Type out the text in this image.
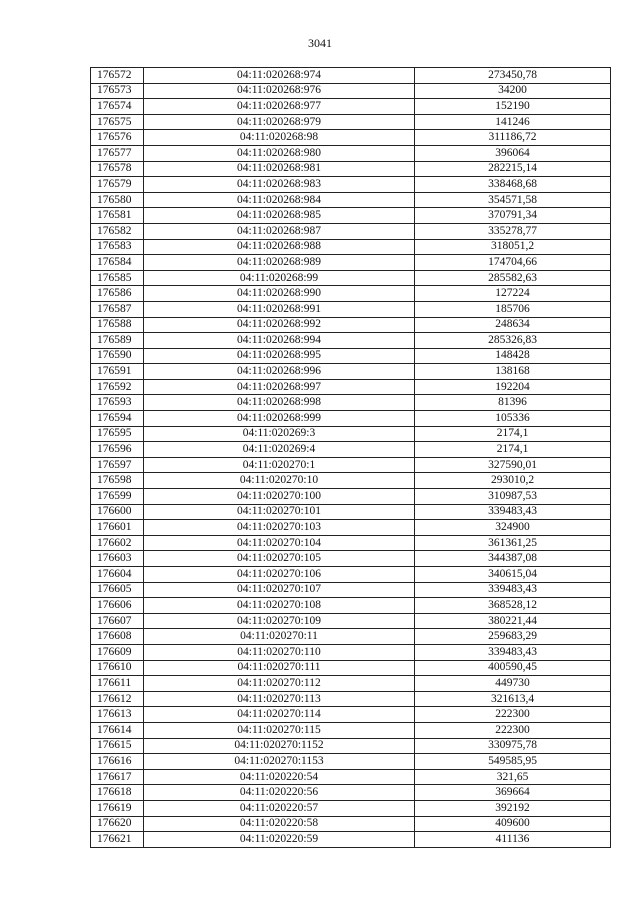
3041
176572	04:11:020268:974	273450,78
176573	04:11:020268:976	34200
176574	04:11:020268:977	152190
176575	04:11:020268:979	141246
176576	04:11:020268:98	311186,72
176577	04:11:020268:980	396064
176578	04:11:020268:981	282215,14
176579	04:11:020268:983	338468,68
176580	04:11:020268:984	354571,58
176581	04:11:020268:985	370791,34
176582	04:11:020268:987	335278,77
176583	04:11:020268:988	318051,2
176584	04:11:020268:989	174704,66
176585	04:11:020268:99	285582,63
176586	04:11:020268:990	127224
176587	04:11:020268:991	185706
176588	04:11:020268:992	248634
176589	04:11:020268:994	285326,83
176590	04:11:020268:995	148428
176591	04:11:020268:996	138168
176592	04:11:020268:997	192204
176593	04:11:020268:998	81396
176594	04:11:020268:999	105336
176595	04:11:020269:3	2174,1
176596	04:11:020269:4	2174,1
176597	04:11:020270:1	327590,01
176598	04:11:020270:10	293010,2
176599	04:11:020270:100	310987,53
176600	04:11:020270:101	339483,43
176601	04:11:020270:103	324900
176602	04:11:020270:104	361361,25
176603	04:11:020270:105	344387,08
176604	04:11:020270:106	340615,04
176605	04:11:020270:107	339483,43
176606	04:11:020270:108	368528,12
176607	04:11:020270:109	380221,44
176608	04:11:020270:11	259683,29
176609	04:11:020270:110	339483,43
176610	04:11:020270:111	400590,45
176611	04:11:020270:112	449730
176612	04:11:020270:113	321613,4
176613	04:11:020270:114	222300
176614	04:11:020270:115	222300
176615	04:11:020270:1152	330975,78
176616	04:11:020270:1153	549585,95
176617	04:11:020220:54	321,65
176618	04:11:020220:56	369664
176619	04:11:020220:57	392192
176620	04:11:020220:58	409600
176621	04:11:020220:59	411136
